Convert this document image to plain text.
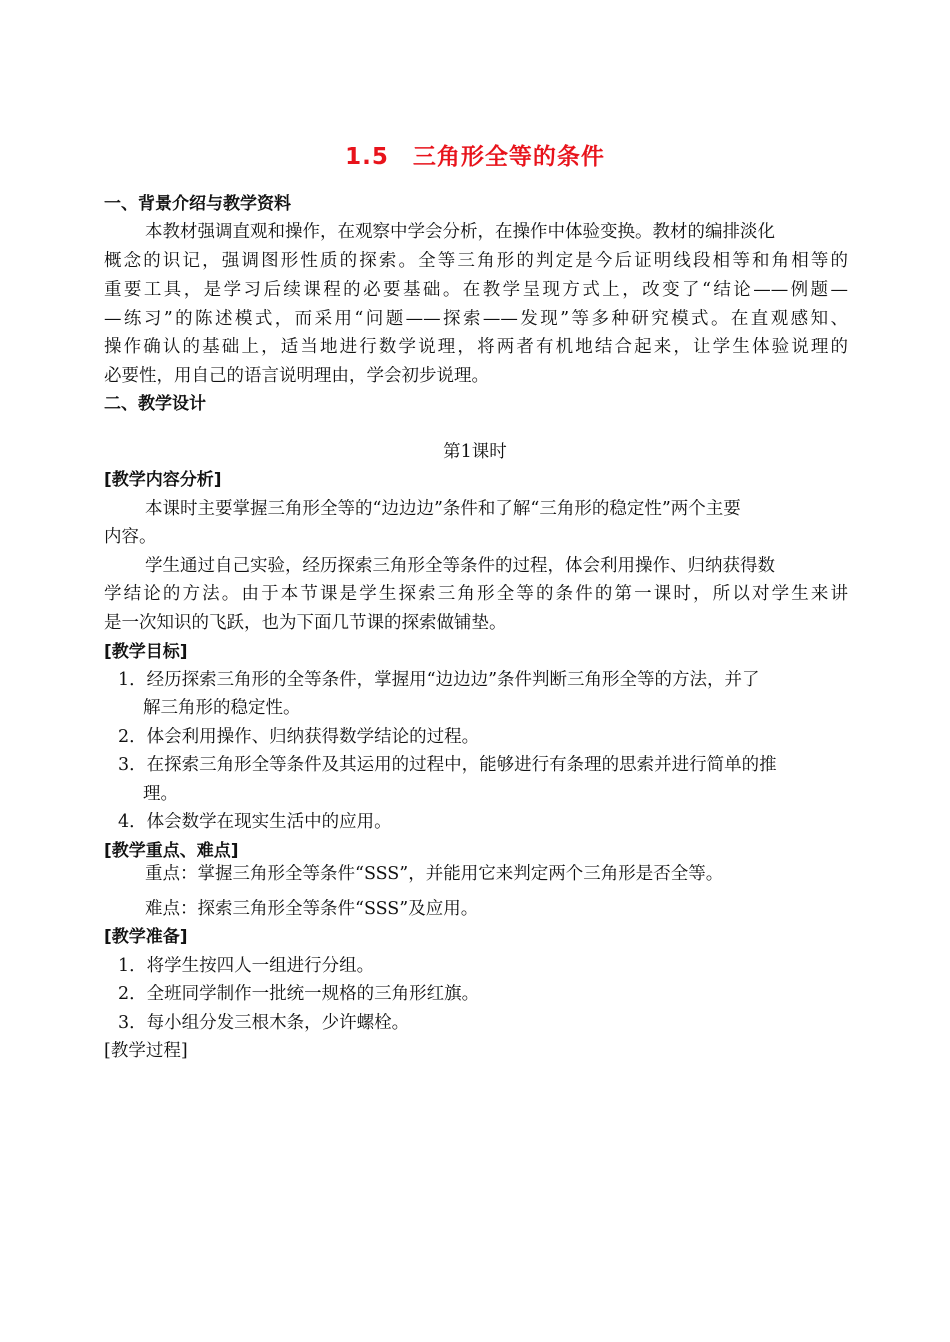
1.5　三角形全等的条件
一、背景介绍与教学资料
本教材强调直观和操作，在观察中学会分析，在操作中体验变换。教材的编排淡化
概念的识记，强调图形性质的探索。全等三角形的判定是今后证明线段相等和角相等的
重要工具，是学习后续课程的必要基础。在教学呈现方式上，改变了“结论——例题—
—练习”的陈述模式，而采用“问题——探索——发现”等多种研究模式。在直观感知、
操作确认的基础上，适当地进行数学说理，将两者有机地结合起来，让学生体验说理的
必要性，用自己的语言说明理由，学会初步说理。
二、教学设计
第1课时
[教学内容分析]
本课时主要掌握三角形全等的“边边边”条件和了解“三角形的稳定性”两个主要
内容。
学生通过自己实验，经历探索三角形全等条件的过程，体会利用操作、归纳获得数
学结论的方法。由于本节课是学生探索三角形全等的条件的第一课时，所以对学生来讲
是一次知识的飞跃，也为下面几节课的探索做铺垫。
[教学目标]
1．经历探索三角形的全等条件，掌握用“边边边”条件判断三角形全等的方法，并了
解三角形的稳定性。
2．体会利用操作、归纳获得数学结论的过程。
3．在探索三角形全等条件及其运用的过程中，能够进行有条理的思索并进行简单的推
理。
4．体会数学在现实生活中的应用。
[教学重点、难点]
重点：掌握三角形全等条件“SSS”，并能用它来判定两个三角形是否全等。
难点：探索三角形全等条件“SSS”及应用。
[教学准备]
1．将学生按四人一组进行分组。
2．全班同学制作一批统一规格的三角形红旗。
3．每小组分发三根木条，少许螺栓。
[教学过程]
